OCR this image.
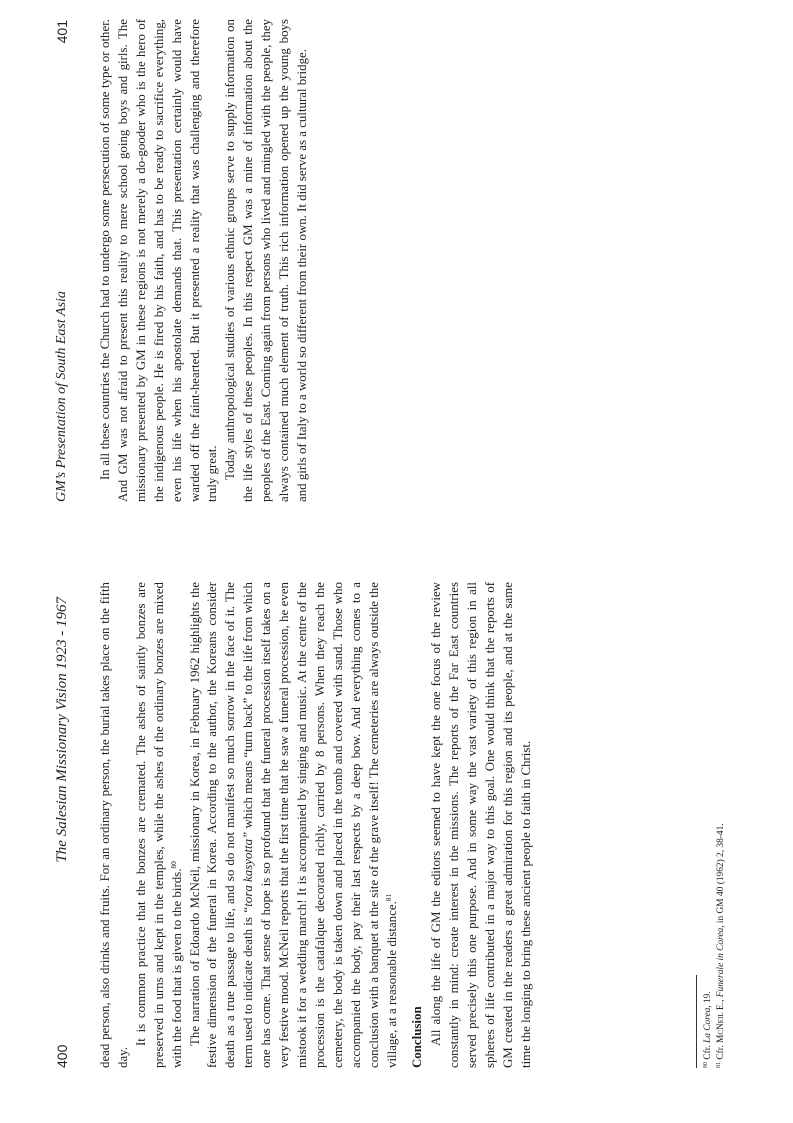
400
The Salesian Missionary Vision 1923 - 1967 dead person, also drinks and fruits. For an ordinary person, the burial takes place on the fifth day.

It is common practice that the bonzes are cremated. The ashes of saintly bonzes are preserved in urns and kept in the temples, while the ashes of the ordinary bonzes are mixed with the food that is given to the birds.$^{80}$ The narration of Edoardo McNeil, missionary in Korea, in February 1962 highlights the festive dimension of the funeral in Korea. According to the author, the Koreans consider death as a true passage to life, and so do not manifest so much sorrow in the face of it. The term used to indicate death is “tora kasyotta” which means “turn back” to the life from which one has come. That sense of hope is so profound that the funeral procession itself takes on a very festive mood. McNeil reports that the first time that he saw a funeral procession, he even mistook it for a wedding march! It is accompanied by singing and music. At the centre of the procession is the catafalque decorated richly, carried by 8 persons. When they reach the cemetery, the body is taken down and placed in the tomb and covered with sand. Those who accompanied the body, pay their last respects by a deep bow. And everything comes to a conclusion with a banquet at the site of the grave itself! The cemeteries are always outside the village, at a reasonable distance.$^{81}$

Conclusion All along the life of GM the editors seemed to have kept the one focus of the review constantly in mind: create interest in the missions. The reports of the Far East countries served precisely this one purpose. And in some way the vast variety of this region in all spheres of life contributed in a major way to this goal. One would think that the reports of GM created in the readers a great admiration for this region and its people, and at the same time the longing to bring these ancient people to faith in Christ.	$^{80}$ Cfr. La Corea, 19.

$^{81}$ Cfr. McNeil E., Funerale in Corea, in GM 40 (1962) 2, 38-41.

GM’s Presentation of South East Asia
401 In all these countries the Church had to undergo some persecution of some type or other. And GM was not afraid to present this reality to mere school going boys and girls. The missionary presented by GM in these regions is not merely a do-gooder who is the hero of the indigenous people. He is fired by his faith, and has to be ready to sacrifice everything, even his life when his apostolate demands that. This presentation certainly would have warded off the faint-hearted. But it presented a reality that was challenging and therefore truly great. Today anthropological studies of various ethnic groups serve to supply information on the life styles of these peoples. In this respect GM was a mine of information about the peoples of the East. Coming again from persons who lived and mingled with the people, they always contained much element of truth. This rich information opened up the young boys and girls of Italy to a world so different from their own. It did serve as a cultural bridge.
